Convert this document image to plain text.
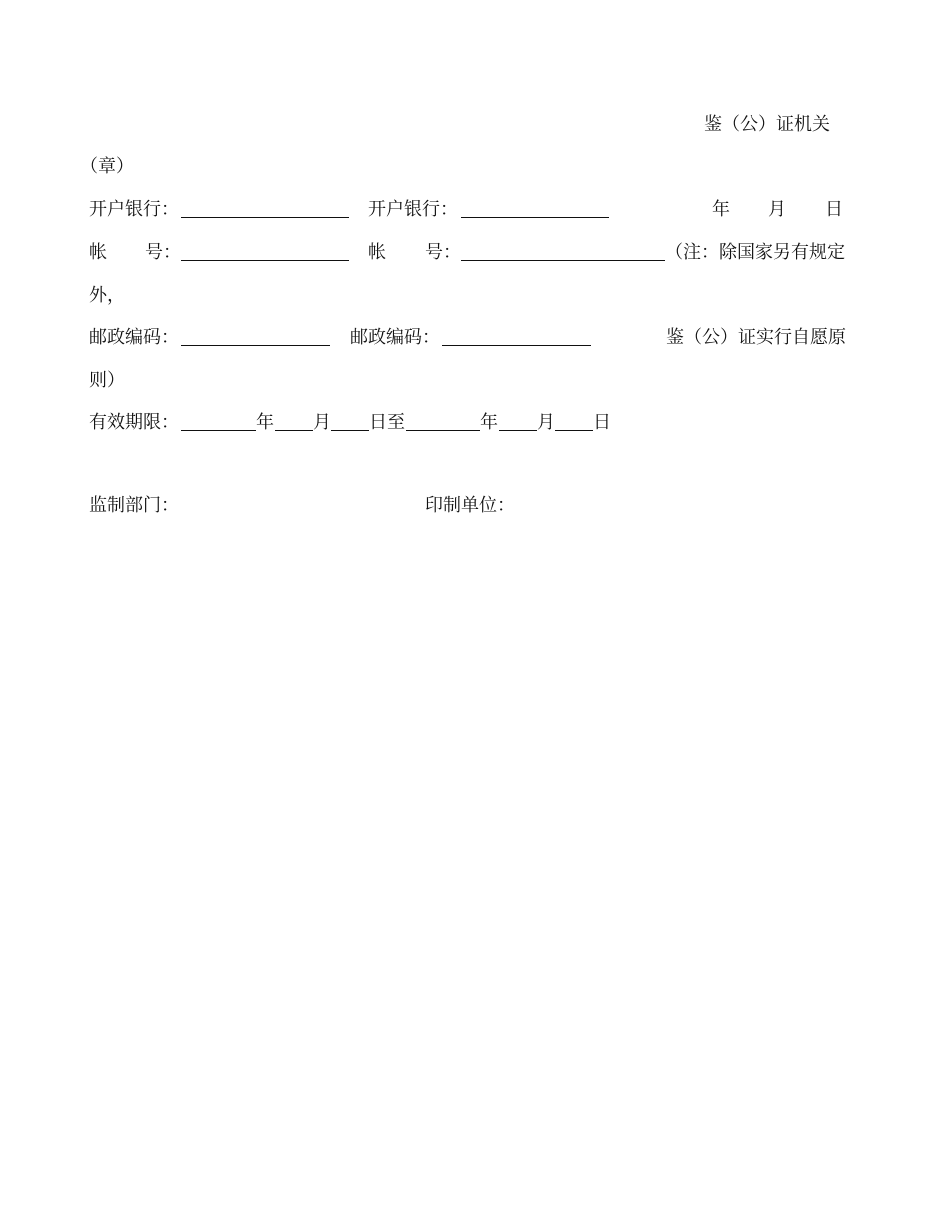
鉴（公）证机关
（章）
开户银行：	开户银行：	年 月 日
帐 号：	帐 号：	（注：除国家另有规定
外，
邮政编码：	邮政编码：	鉴（公）证实行自愿原
则）
有效期限：	年 月 日至	年 月 日
监制部门：	印制单位：
